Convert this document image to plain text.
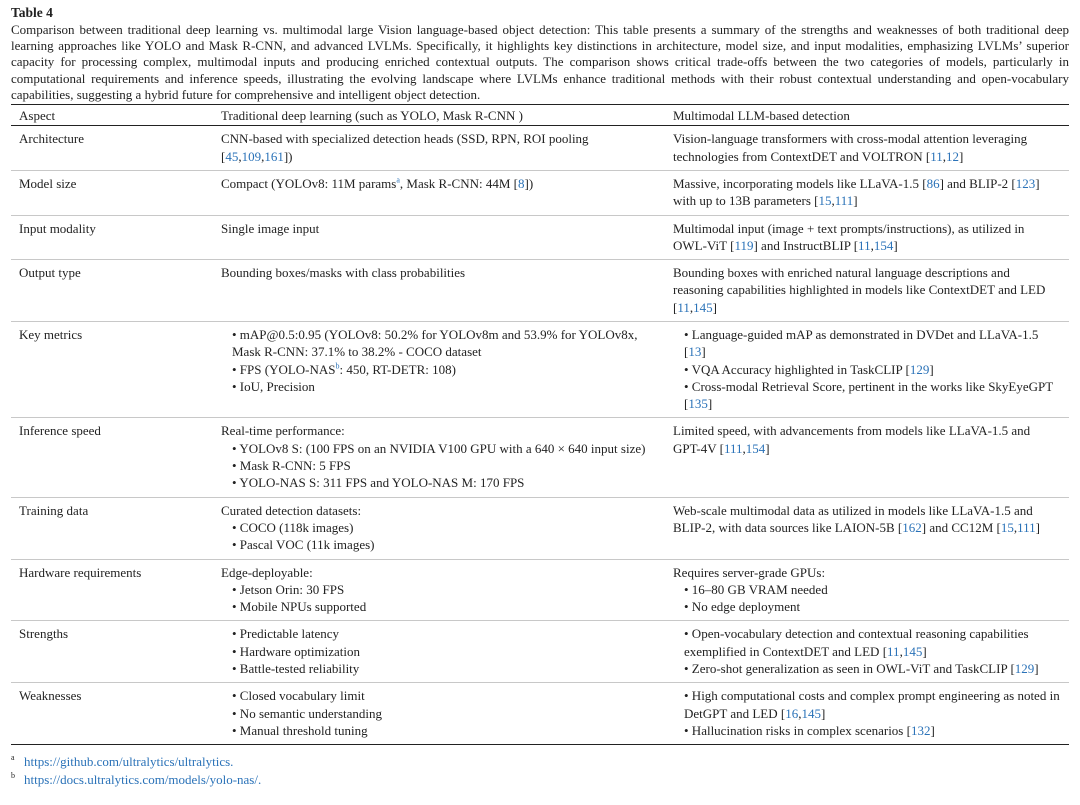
Table 4

Comparison between traditional deep learning vs. multimodal large Vision language-based object detection: This table presents a summary of the strengths and weaknesses of both traditional deep learning approaches like YOLO and Mask R-CNN, and advanced LVLMs. Specifically, it highlights key distinctions in architecture, model size, and input modalities, emphasizing LVLMs’ superior capacity for processing complex, multimodal inputs and producing enriched contextual outputs. The comparison shows critical trade-offs between the two categories of models, particularly in computational requirements and inference speeds, illustrating the evolving landscape where LVLMs enhance traditional methods with their robust contextual understanding and open-vocabulary capabilities, suggesting a hybrid future for comprehensive and intelligent object detection.

Aspect	Traditional deep learning (such as YOLO, Mask R-CNN )	Multimodal LLM-based detection
Architecture	CNN-based with specialized detection heads (SSD, RPN, ROI pooling [45,109,161])	Vision-language transformers with cross-modal attention leveraging technologies from ContextDET and VOLTRON [11,12]

Model size	Compact (YOLOv8: 11M params$^a$, Mask R-CNN: 44M [8])	Massive, incorporating models like LLaVA-1.5 [86] and BLIP-2 [123] with up to 13B parameters [15,111]

Input modality	Single image input	Multimodal input (image + text prompts/instructions), as utilized in OWL-ViT [119] and InstructBLIP [11,154]

Output type	Bounding boxes/masks with class probabilities	Bounding boxes with enriched natural language descriptions and reasoning capabilities highlighted in models like ContextDET and LED [11,145]

Key metrics	• mAP@0.5:0.95 (YOLOv8: 50.2% for YOLOv8m and 53.9% for YOLOv8x, Mask R-CNN: 37.1% to 38.2% - COCO dataset
• FPS (YOLO-NAS$^b$: 450, RT-DETR: 108)
• IoU, Precision	• Language-guided mAP as demonstrated in DVDet and LLaVA-1.5 [13]
• VQA Accuracy highlighted in TaskCLIP [129]
• Cross-modal Retrieval Score, pertinent in the works like SkyEyeGPT [135]

Inference speed	Real-time performance:
• YOLOv8 S: (100 FPS on an NVIDIA V100 GPU with a 640 × 640 input size)
• Mask R-CNN: 5 FPS
• YOLO-NAS S: 311 FPS and YOLO-NAS M: 170 FPS	Limited speed, with advancements from models like LLaVA-1.5 and GPT-4V [111,154]

Training data	Curated detection datasets:
• COCO (118k images)
• Pascal VOC (11k images)	Web-scale multimodal data as utilized in models like LLaVA-1.5 and BLIP-2, with data sources like LAION-5B [162] and CC12M [15,111]

Hardware requirements	Edge-deployable:
• Jetson Orin: 30 FPS
• Mobile NPUs supported	Requires server-grade GPUs:
• 16–80 GB VRAM needed
• No edge deployment

Strengths	• Predictable latency
• Hardware optimization
• Battle-tested reliability	• Open-vocabulary detection and contextual reasoning capabilities exemplified in ContextDET and LED [11,145]
• Zero-shot generalization as seen in OWL-ViT and TaskCLIP [129]

Weaknesses	• Closed vocabulary limit
• No semantic understanding
• Manual threshold tuning	• High computational costs and complex prompt engineering as noted in DetGPT and LED [16,145]
• Hallucination risks in complex scenarios [132]
a https://github.com/ultralytics/ultralytics.
b https://docs.ultralytics.com/models/yolo-nas/.
